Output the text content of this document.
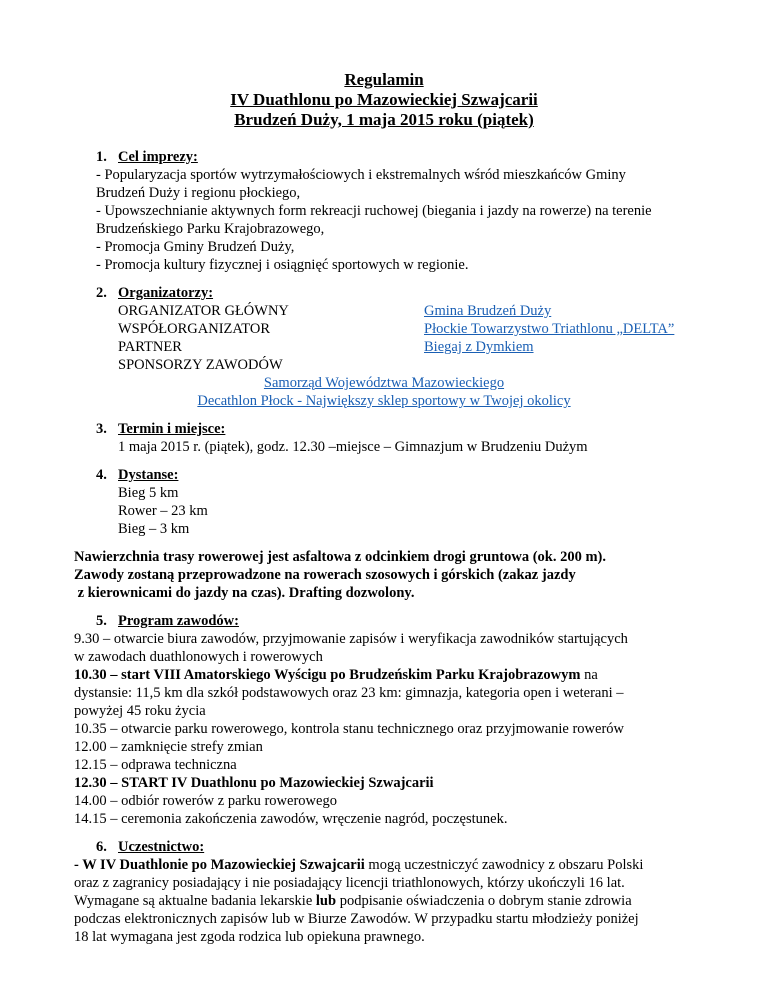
Regulamin
IV Duathlonu po Mazowieckiej Szwajcarii
Brudzeń Duży, 1 maja 2015 roku (piątek)
1. Cel imprezy:
- Popularyzacja sportów wytrzymałościowych i ekstremalnych wśród mieszkańców Gminy
Brudzeń Duży i regionu płockiego,
- Upowszechnianie aktywnych form rekreacji ruchowej (biegania i jazdy na rowerze) na terenie
Brudzeńskiego Parku Krajobrazowego,
- Promocja Gminy Brudzeń Duży,
- Promocja kultury fizycznej i osiągnięć sportowych w regionie.
2. Organizatorzy:
ORGANIZATOR GŁÓWNY	Gmina Brudzeń Duży
WSPÓŁORGANIZATOR	Płockie Towarzystwo Triathlonu „DELTA”
PARTNER	Biegaj z Dymkiem
SPONSORZY ZAWODÓW
Samorząd Województwa Mazowieckiego
Decathlon Płock - Największy sklep sportowy w Twojej okolicy
3. Termin i miejsce:
1 maja 2015 r. (piątek), godz. 12.30 –miejsce – Gimnazjum w Brudzeniu Dużym
4. Dystanse:
Bieg 5 km
Rower – 23 km
Bieg – 3 km
Nawierzchnia trasy rowerowej jest asfaltowa z odcinkiem drogi gruntowa (ok. 200 m).
Zawody zostaną przeprowadzone na rowerach szosowych i górskich (zakaz jazdy
z kierownicami do jazdy na czas). Drafting dozwolony.
5. Program zawodów:
9.30 – otwarcie biura zawodów, przyjmowanie zapisów i weryfikacja zawodników startujących
w zawodach duathlonowych i rowerowych
10.30 – start VIII Amatorskiego Wyścigu po Brudzeńskim Parku Krajobrazowym na
dystansie: 11,5 km dla szkół podstawowych oraz 23 km: gimnazja, kategoria open i weterani –
powyżej 45 roku życia
10.35 – otwarcie parku rowerowego, kontrola stanu technicznego oraz przyjmowanie rowerów
12.00 – zamknięcie strefy zmian
12.15 – odprawa techniczna
12.30 – START IV Duathlonu po Mazowieckiej Szwajcarii
14.00 – odbiór rowerów z parku rowerowego
14.15 – ceremonia zakończenia zawodów, wręczenie nagród, poczęstunek.
6. Uczestnictwo:
- W IV Duathlonie po Mazowieckiej Szwajcarii mogą uczestniczyć zawodnicy z obszaru Polski
oraz z zagranicy posiadający i nie posiadający licencji triathlonowych, którzy ukończyli 16 lat.
Wymagane są aktualne badania lekarskie lub podpisanie oświadczenia o dobrym stanie zdrowia
podczas elektronicznych zapisów lub w Biurze Zawodów. W przypadku startu młodzieży poniżej
18 lat wymagana jest zgoda rodzica lub opiekuna prawnego.
